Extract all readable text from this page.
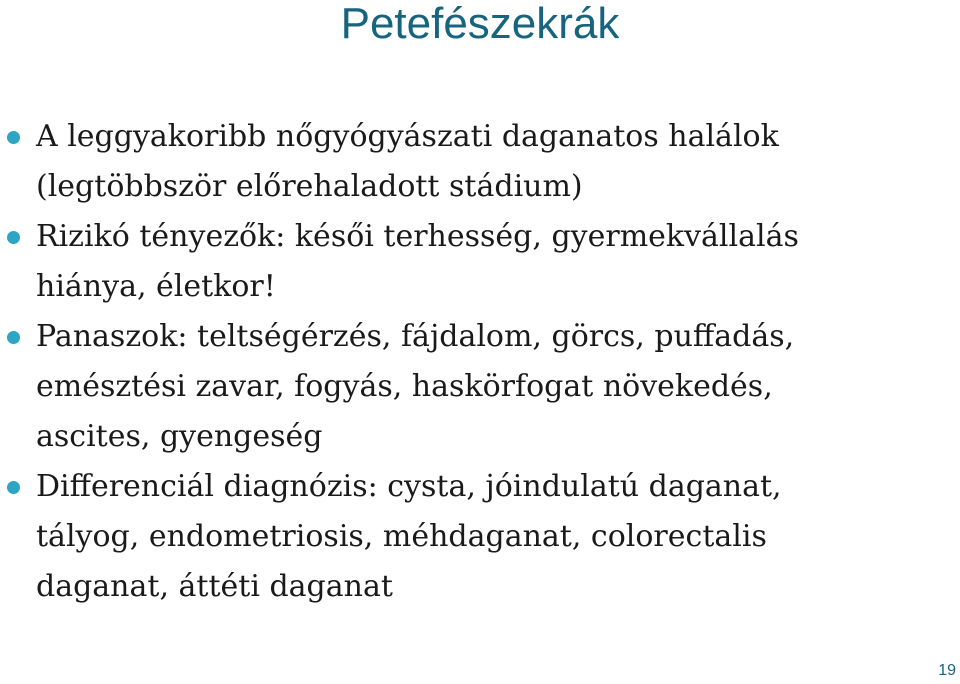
Petefészekrák
A leggyakoribb nőgyógyászati daganatos halálok
(legtöbbször előrehaladott stádium)
Rizikó tényezők: késői terhesség, gyermekvállalás
hiánya, életkor!
Panaszok: teltségérzés, fájdalom, görcs, puffadás,
emésztési zavar, fogyás, haskörfogat növekedés,
ascites, gyengeség
Differenciál diagnózis: cysta, jóindulatú daganat,
tályog, endometriosis, méhdaganat, colorectalis
daganat, áttéti daganat
19
